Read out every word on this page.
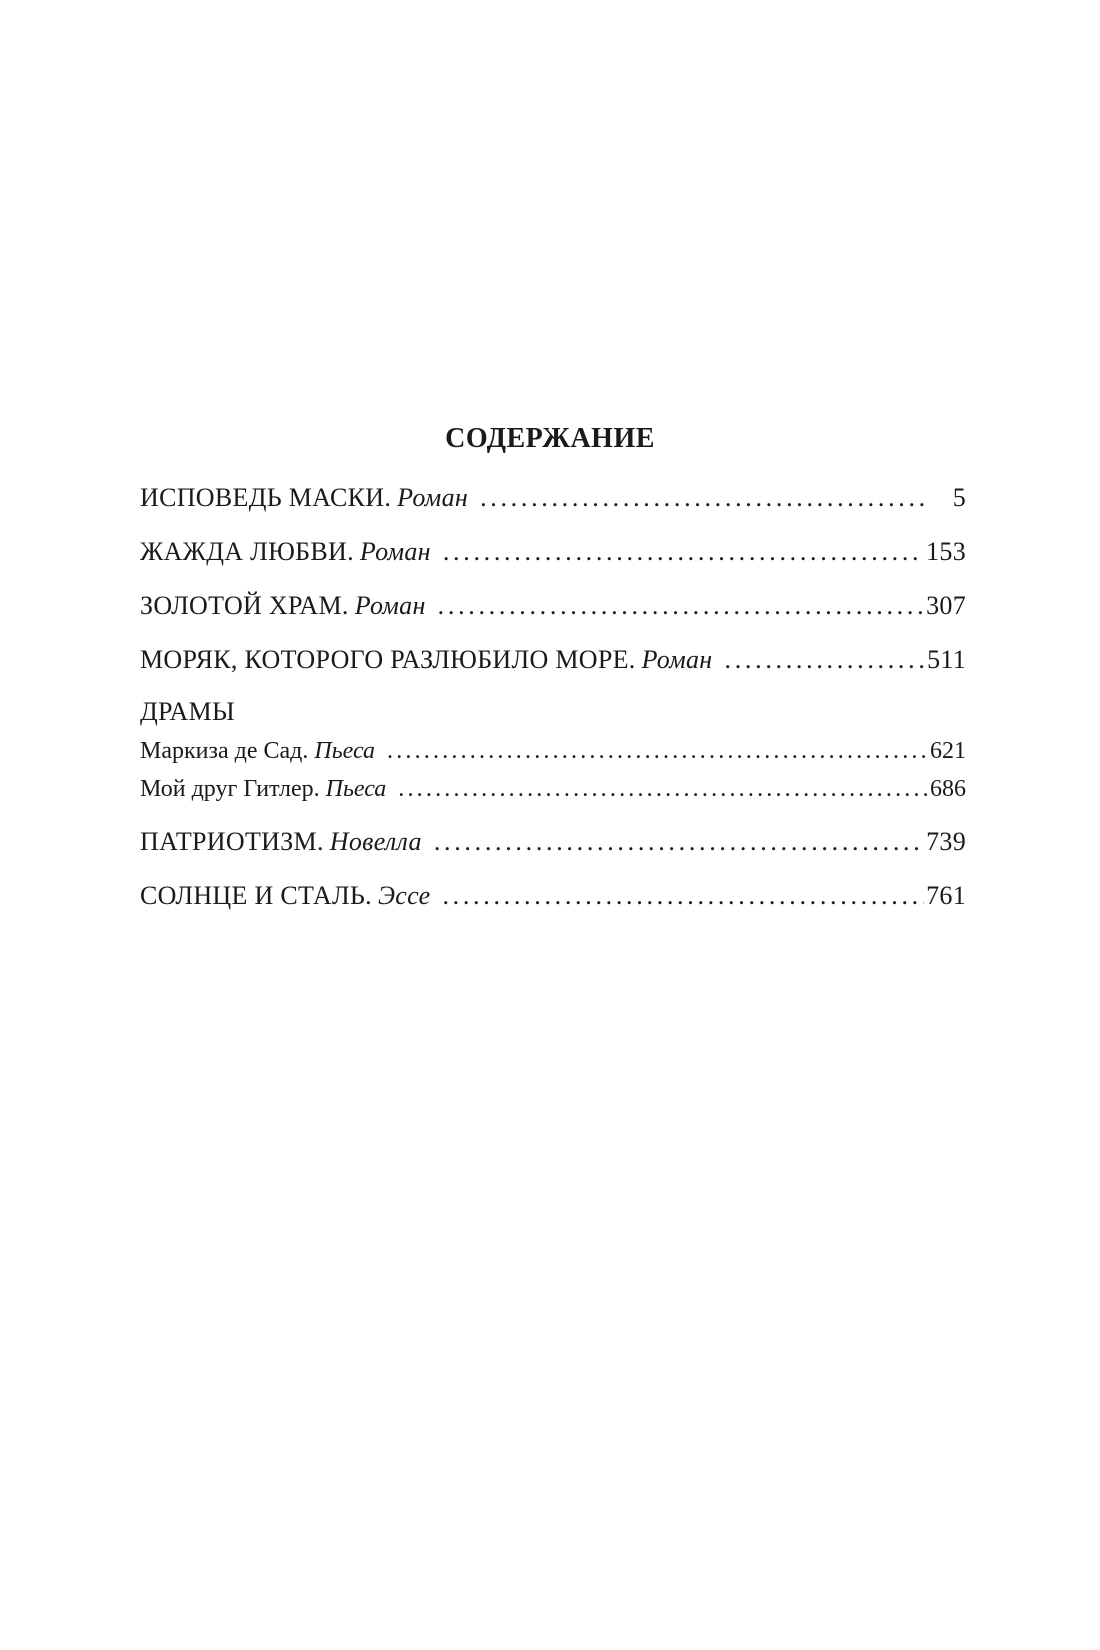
СОДЕРЖАНИЕ
ИСПОВЕДЬ МАСКИ. Роман . . .	5
ЖАЖДА ЛЮБВИ. Роман . . .	153
ЗОЛОТОЙ ХРАМ. Роман . . .	307
МОРЯК, КОТОРОГО РАЗЛЮБИЛО МОРЕ. Роман . . .	511
ДРАМЫ
Маркиза де Сад. Пьеса . . .	621
Мой друг Гитлер. Пьеса . . .	686
ПАТРИОТИЗМ. Новелла . . .	739
СОЛНЦЕ И СТАЛЬ. Эссе . . .	761
